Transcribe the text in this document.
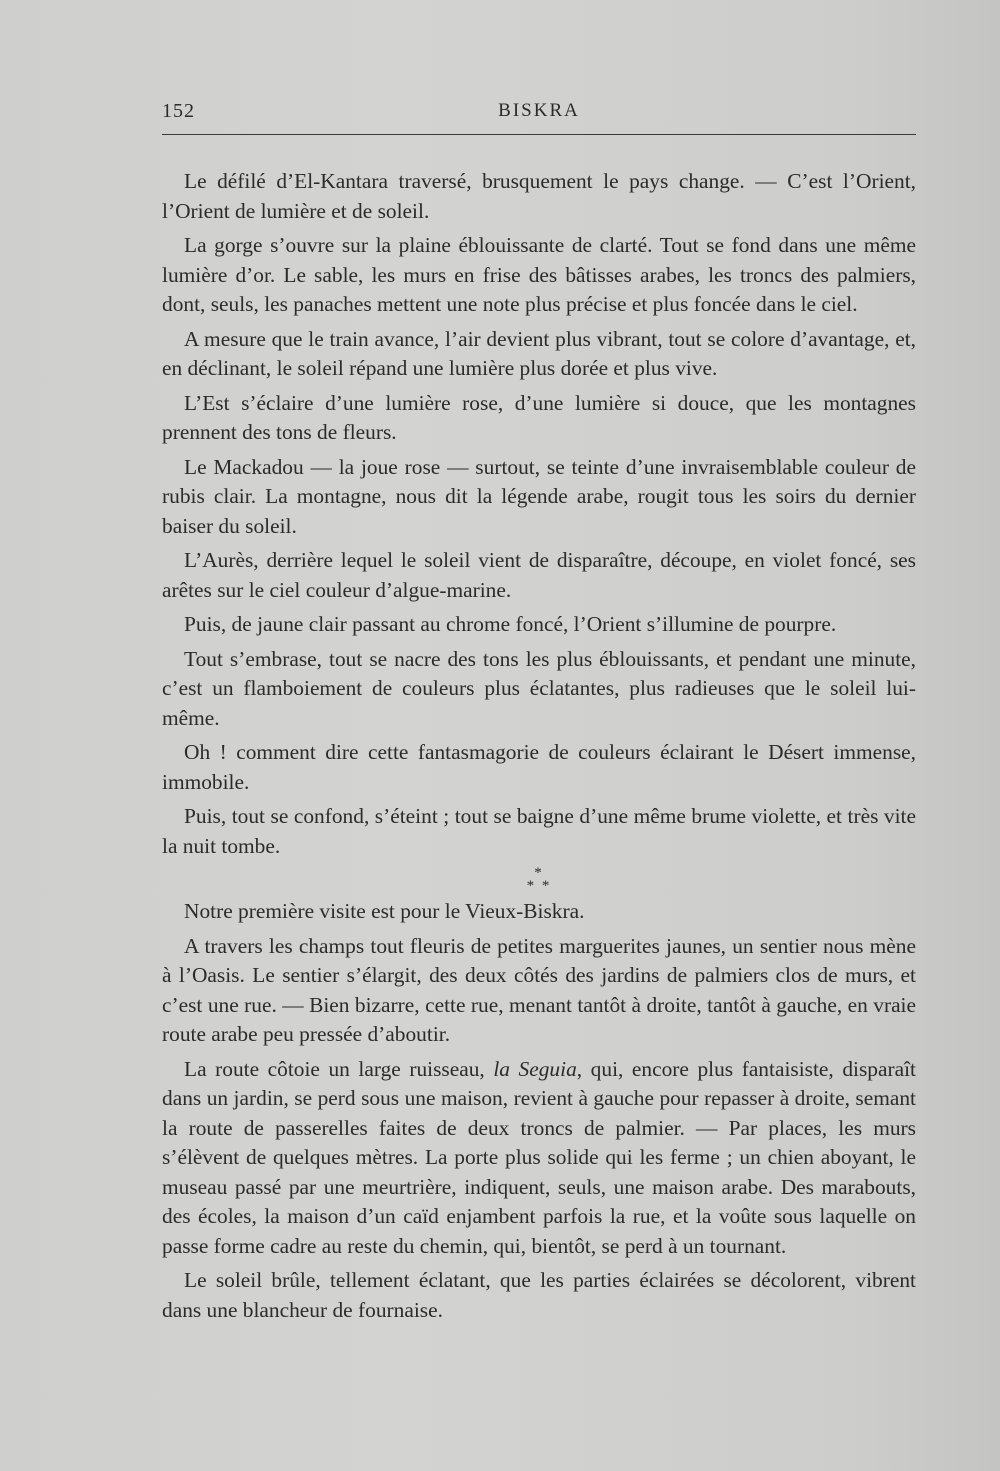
152	BISKRA

Le défilé d’El-Kantara traversé, brusquement le pays change. — C’est l’Orient, l’Orient de lumière et de soleil.

La gorge s’ouvre sur la plaine éblouissante de clarté. Tout se fond dans une même lumière d’or. Le sable, les murs en frise des bâtisses arabes, les troncs des palmiers, dont, seuls, les panaches mettent une note plus précise et plus foncée dans le ciel.

A mesure que le train avance, l’air devient plus vibrant, tout se colore d’avantage, et, en déclinant, le soleil répand une lumière plus dorée et plus vive.

L’Est s’éclaire d’une lumière rose, d’une lumière si douce, que les montagnes prennent des tons de fleurs.

Le Mackadou — la joue rose — surtout, se teinte d’une invraisemblable couleur de rubis clair. La montagne, nous dit la légende arabe, rougit tous les soirs du dernier baiser du soleil.

L’Aurès, derrière lequel le soleil vient de disparaître, découpe, en violet foncé, ses arêtes sur le ciel couleur d’algue-marine.

Puis, de jaune clair passant au chrome foncé, l’Orient s’illumine de pourpre.

Tout s’embrase, tout se nacre des tons les plus éblouissants, et pendant une minute, c’est un flamboiement de couleurs plus éclatantes, plus radieuses que le soleil lui-même.

Oh ! comment dire cette fantasmagorie de couleurs éclairant le Désert immense, immobile.

Puis, tout se confond, s’éteint ; tout se baigne d’une même brume violette, et très vite la nuit tombe.

*
* *

Notre première visite est pour le Vieux-Biskra.

A travers les champs tout fleuris de petites marguerites jaunes, un sentier nous mène à l’Oasis. Le sentier s’élargit, des deux côtés des jardins de palmiers clos de murs, et c’est une rue. — Bien bizarre, cette rue, menant tantôt à droite, tantôt à gauche, en vraie route arabe peu pressée d’aboutir.

La route côtoie un large ruisseau, la Seguia, qui, encore plus fantaisiste, disparaît dans un jardin, se perd sous une maison, revient à gauche pour repasser à droite, semant la route de passerelles faites de deux troncs de palmier. — Par places, les murs s’élèvent de quelques mètres. La porte plus solide qui les ferme ; un chien aboyant, le museau passé par une meurtrière, indiquent, seuls, une maison arabe. Des marabouts, des écoles, la maison d’un caïd enjambent parfois la rue, et la voûte sous laquelle on passe forme cadre au reste du chemin, qui, bientôt, se perd à un tournant.

Le soleil brûle, tellement éclatant, que les parties éclairées se décolorent, vibrent dans une blancheur de fournaise.
